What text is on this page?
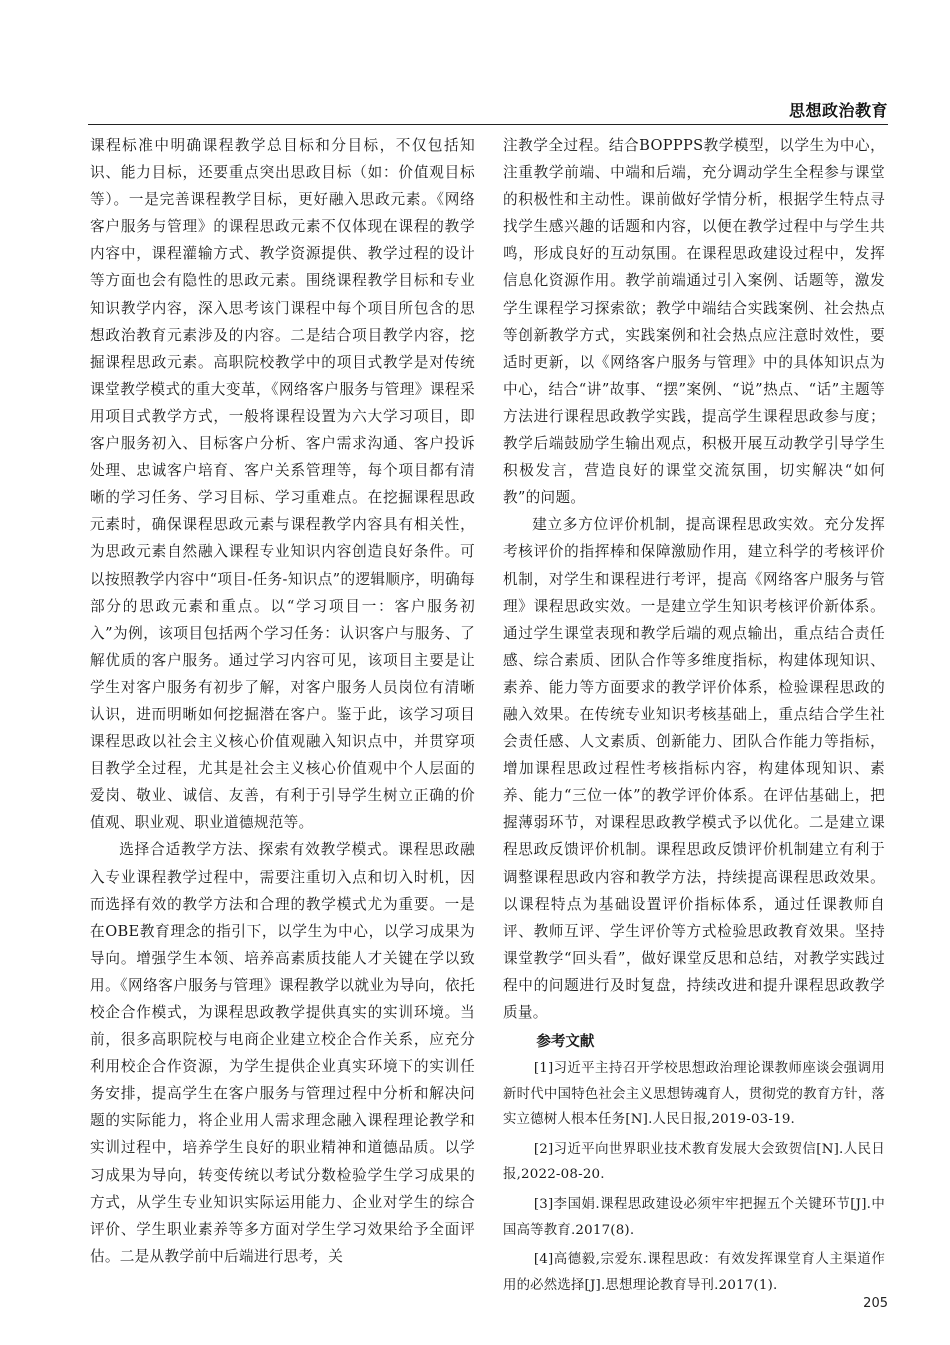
思想政治教育

课程标准中明确课程教学总目标和分目标，不仅包括知识、能力目标，还要重点突出思政目标（如：价值观目标等）。一是完善课程教学目标，更好融入思政元素。《网络客户服务与管理》的课程思政元素不仅体现在课程的教学内容中，课程灌输方式、教学资源提供、教学过程的设计等方面也会有隐性的思政元素。围绕课程教学目标和专业知识教学内容，深入思考该门课程中每个项目所包含的思想政治教育元素涉及的内容。二是结合项目教学内容，挖掘课程思政元素。高职院校教学中的项目式教学是对传统课堂教学模式的重大变革，《网络客户服务与管理》课程采用项目式教学方式，一般将课程设置为六大学习项目，即客户服务初入、目标客户分析、客户需求沟通、客户投诉处理、忠诚客户培育、客户关系管理等，每个项目都有清晰的学习任务、学习目标、学习重难点。在挖掘课程思政元素时，确保课程思政元素与课程教学内容具有相关性，为思政元素自然融入课程专业知识内容创造良好条件。可以按照教学内容中“项目-任务-知识点”的逻辑顺序，明确每部分的思政元素和重点。以“学习项目一：客户服务初入”为例，该项目包括两个学习任务：认识客户与服务、了解优质的客户服务。通过学习内容可见，该项目主要是让学生对客户服务有初步了解，对客户服务人员岗位有清晰认识，进而明晰如何挖掘潜在客户。鉴于此，该学习项目课程思政以社会主义核心价值观融入知识点中，并贯穿项目教学全过程，尤其是社会主义核心价值观中个人层面的爱岗、敬业、诚信、友善，有利于引导学生树立正确的价值观、职业观、职业道德规范等。

选择合适教学方法、探索有效教学模式。课程思政融入专业课程教学过程中，需要注重切入点和切入时机，因而选择有效的教学方法和合理的教学模式尤为重要。一是在OBE教育理念的指引下，以学生为中心，以学习成果为导向。增强学生本领、培养高素质技能人才关键在学以致用。《网络客户服务与管理》课程教学以就业为导向，依托校企合作模式，为课程思政教学提供真实的实训环境。当前，很多高职院校与电商企业建立校企合作关系，应充分利用校企合作资源，为学生提供企业真实环境下的实训任务安排，提高学生在客户服务与管理过程中分析和解决问题的实际能力，将企业用人需求理念融入课程理论教学和实训过程中，培养学生良好的职业精神和道德品质。以学习成果为导向，转变传统以考试分数检验学生学习成果的方式，从学生专业知识实际运用能力、企业对学生的综合评价、学生职业素养等多方面对学生学习效果给予全面评估。二是从教学前中后端进行思考，关

注教学全过程。结合BOPPPS教学模型，以学生为中心，注重教学前端、中端和后端，充分调动学生全程参与课堂的积极性和主动性。课前做好学情分析，根据学生特点寻找学生感兴趣的话题和内容，以便在教学过程中与学生共鸣，形成良好的互动氛围。在课程思政建设过程中，发挥信息化资源作用。教学前端通过引入案例、话题等，激发学生课程学习探索欲；教学中端结合实践案例、社会热点等创新教学方式，实践案例和社会热点应注意时效性，要适时更新，以《网络客户服务与管理》中的具体知识点为中心，结合“讲”故事、“摆”案例、“说”热点、“话”主题等方法进行课程思政教学实践，提高学生课程思政参与度；教学后端鼓励学生输出观点，积极开展互动教学引导学生积极发言，营造良好的课堂交流氛围，切实解决“如何教”的问题。

建立多方位评价机制，提高课程思政实效。充分发挥考核评价的指挥棒和保障激励作用，建立科学的考核评价机制，对学生和课程进行考评，提高《网络客户服务与管理》课程思政实效。一是建立学生知识考核评价新体系。通过学生课堂表现和教学后端的观点输出，重点结合责任感、综合素质、团队合作等多维度指标，构建体现知识、素养、能力等方面要求的教学评价体系，检验课程思政的融入效果。在传统专业知识考核基础上，重点结合学生社会责任感、人文素质、创新能力、团队合作能力等指标，增加课程思政过程性考核指标内容，构建体现知识、素养、能力“三位一体”的教学评价体系。在评估基础上，把握薄弱环节，对课程思政教学模式予以优化。二是建立课程思政反馈评价机制。课程思政反馈评价机制建立有利于调整课程思政内容和教学方法，持续提高课程思政效果。以课程特点为基础设置评价指标体系，通过任课教师自评、教师互评、学生评价等方式检验思政教育效果。坚持课堂教学“回头看”，做好课堂反思和总结，对教学实践过程中的问题进行及时复盘，持续改进和提升课程思政教学质量。

参考文献

[1]习近平主持召开学校思想政治理论课教师座谈会强调用新时代中国特色社会主义思想铸魂育人，贯彻党的教育方针，落实立德树人根本任务[N].人民日报,2019-03-19.

[2]习近平向世界职业技术教育发展大会致贺信[N].人民日报,2022-08-20.

[3]李国娟.课程思政建设必须牢牢把握五个关键环节[J].中国高等教育.2017(8).

[4]高德毅,宗爱东.课程思政：有效发挥课堂育人主渠道作用的必然选择[J].思想理论教育导刊.2017(1).

205
